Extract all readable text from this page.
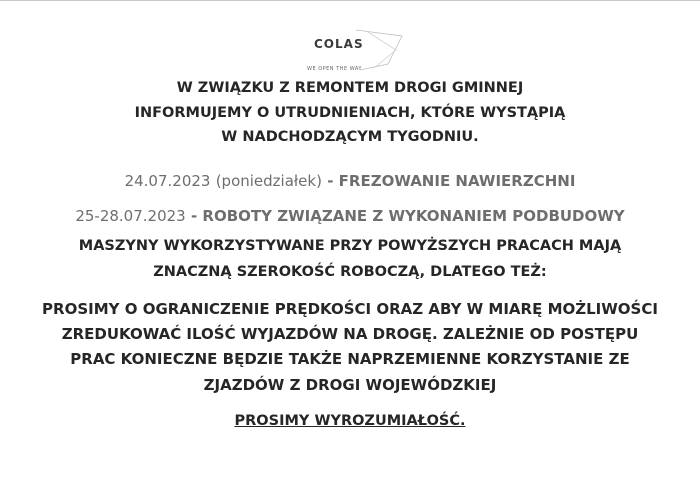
COLAS
WE OPEN THE WAY
W ZWIĄZKU Z REMONTEM DROGI GMINNEJ
INFORMUJEMY O UTRUDNIENIACH, KTÓRE WYSTĄPIĄ
W NADCHODZĄCYM TYGODNIU.
24.07.2023 (poniedziałek) - FREZOWANIE NAWIERZCHNI
25-28.07.2023 - ROBOTY ZWIĄZANE Z WYKONANIEM PODBUDOWY
MASZYNY WYKORZYSTYWANE PRZY POWYŻSZYCH PRACACH MAJĄ
ZNACZNĄ SZEROKOŚĆ ROBOCZĄ, DLATEGO TEŻ:
PROSIMY O OGRANICZENIE PRĘDKOŚCI ORAZ ABY W MIARĘ MOŻLIWOŚCI
ZREDUKOWAĆ ILOŚĆ WYJAZDÓW NA DROGĘ. ZALEŻNIE OD POSTĘPU
PRAC KONIECZNE BĘDZIE TAKŻE NAPRZEMIENNE KORZYSTANIE ZE
ZJAZDÓW Z DROGI WOJEWÓDZKIEJ
PROSIMY WYROZUMIAŁOŚĆ.
